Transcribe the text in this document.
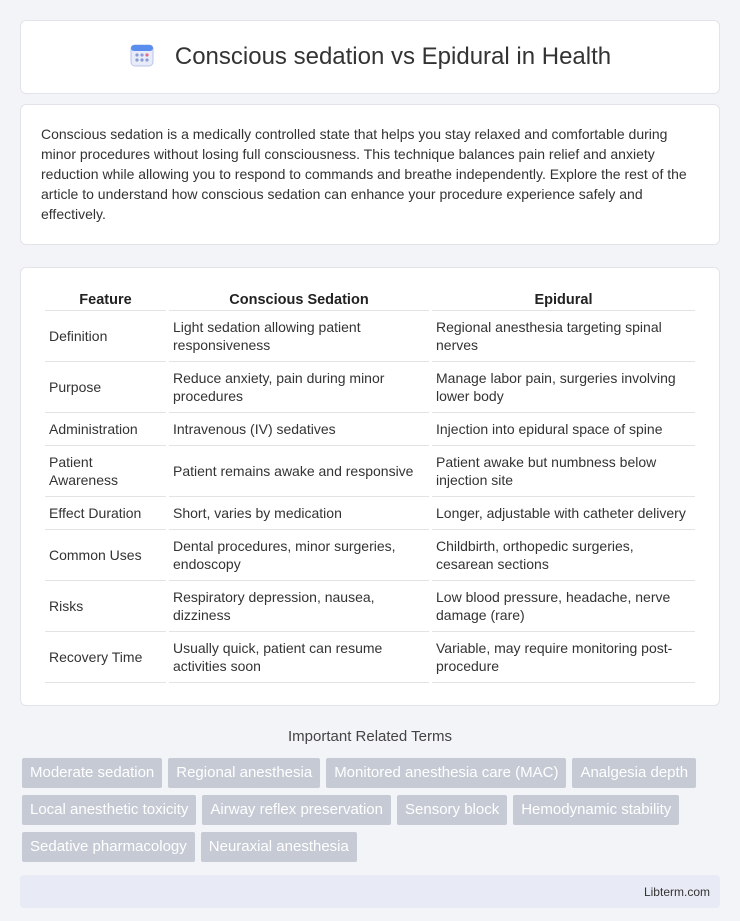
Conscious sedation vs Epidural in Health

Conscious sedation is a medically controlled state that helps you stay relaxed and comfortable during minor procedures without losing full consciousness. This technique balances pain relief and anxiety reduction while allowing you to respond to commands and breathe independently. Explore the rest of the article to understand how conscious sedation can enhance your procedure experience safely and effectively.

Feature	Conscious Sedation	Epidural
Definition	Light sedation allowing patient responsiveness	Regional anesthesia targeting spinal nerves
Purpose	Reduce anxiety, pain during minor procedures	Manage labor pain, surgeries involving lower body
Administration	Intravenous (IV) sedatives	Injection into epidural space of spine
Patient Awareness	Patient remains awake and responsive	Patient awake but numbness below injection site
Effect Duration	Short, varies by medication	Longer, adjustable with catheter delivery
Common Uses	Dental procedures, minor surgeries, endoscopy	Childbirth, orthopedic surgeries, cesarean sections
Risks	Respiratory depression, nausea, dizziness	Low blood pressure, headache, nerve damage (rare)
Recovery Time	Usually quick, patient can resume activities soon	Variable, may require monitoring post-procedure
Important Related Terms
Moderate sedation	Regional anesthesia	Monitored anesthesia care (MAC)	Analgesia depth
Local anesthetic toxicity	Airway reflex preservation	Sensory block	Hemodynamic stability
Sedative pharmacology	Neuraxial anesthesia
Libterm.com
